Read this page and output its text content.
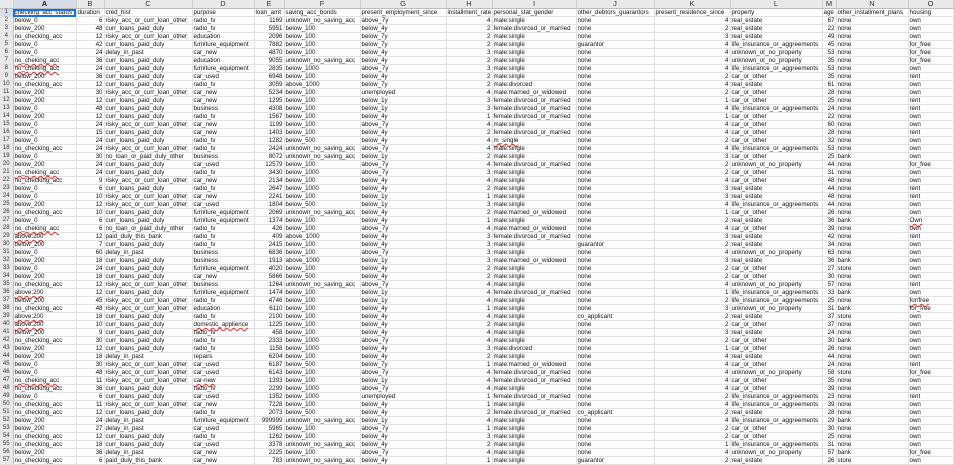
	A	B	C	D	E	F	G	H	I	J	K	L	M	N	O
1	checking_acc_status	duration	cred_hist	purpose	loan_amt	saving_acc_bonds	present_employment_since	installment_rate	personal_stat_gender	other_debtors_guarantors	present_residence_since	property	age	other_installment_plans	housing
2	below_0	6	risky_acc_or_curr_loan_other	radio_tv	1169	unknown_no_saving_acc	above_7y	4	male:single	none	4	real_estate	67	none	own
3	below_200	48	curr_loans_paid_duly	radio_tv	5951	below_100	below_4y	2	female:divorced_or_married	none	2	real_estate	22	none	own
4	no_checking_acc	12	risky_acc_or_curr_loan_other	education	2096	below_100	below_7y	2	male:single	none	3	real_estate	49	none	own
5	below_0	42	curr_loans_paid_duly	furniture_equipment	7882	below_100	below_7y	2	male:single	guarantor	4	life_insurance_or_aggreements	45	none	for_free
6	below_0	24	delay_in_past	car_new	4870	below_100	below_4y	3	male:single	none	4	unknown_or_no_property	53	none	for_free
7	no_cheking_acc	36	curr_loans_paid_duly	education	9055	unknown_no_saving_acc	below_4y	2	male:single	none	4	unknown_or_no_property	35	none	for_free
8	no_cheking_acc	24	curr_loans_paid_duly	furniture_equipment	2835	below_1000	above_7y	3	male:single	none	4	life_insurance_or_aggreements	53	none	own
9	below_200	36	curr_loans_paid_duly	car_used	6948	below_100	below_4y	2	male:single	none	2	car_or_other	35	none	rent
10	no_checking_acc	12	curr_loans_paid_duly	radio_tv	3059	above_1000	below_7y	2	male:divorced	none	4	real_estate	61	none	own
11	below_200	30	risky_acc_or_curr_loan_other	car_new	5234	below_100	unemployed	4	male:married_or_widowed	none	2	car_or_other	28	none	own
12	below_200	12	curr_loans_paid_duly	car_new	1295	below_100	below_1y	3	female:divorced_or_married	none	1	car_or_other	25	none	rent
13	below_0	48	curr_loans_paid_duly	business	4308	below_100	below_1y	3	female:divorced_or_married	none	4	life_insurance_or_aggreements	24	none	rent
14	below_200	12	curr_loans_paid_duly	radio_tv	1567	below_100	below_4y	1	female:divorced_or_married	none	1	car_or_other	22	none	own
15	below_0	24	risky_acc_or_curr_loan_other	car_new	1199	below_100	above_7y	4	male:single	none	4	car_or_other	60	none	own
16	below_0	15	curr_loans_paid_duly	car_new	1403	below_100	below_4y	2	female:divorced_or_married	none	4	car_or_other	28	none	rent
17	below_0	24	curr_loans_paid_duly	radio_tv	1282	below_500	below_4y	4	m_single	none	2	car_or_other	32	none	own
18	no_checking_acc	24	risky_acc_or_curr_loan_other	radio_tv	2424	unknown_no_saving_acc	above_7y	4	male:single	none	4	life_insurance_or_aggreements	53	none	own
19	below_0	30	no_loan_or_paid_duly_other	business	8072	unknown_no_saving_acc	below_1y	2	male:single	none	3	car_or_other	25	bank	own
20	below_200	24	curr_loans_paid_duly	car_used	12579	below_100	above_7y	4	female:divorced_or_married	none	2	unknown_or_no_property	44	none	for_free
21	no_cheking_acc	24	curr_loans_paid_duly	radio_tv	3430	below_1000	above_7y	3	male:single	none	2	car_or_other	31	none	own
22	no_checking_acc	9	risky_acc_or_curr_loan_other	car_new	2134	below_100	below_4y	4	male:single	none	4	car_or_other	48	none	own
23	below_0	6	curr_loans_paid_duly	radio_tv	2647	below_1000	below_4y	2	male:single	none	3	real_estate	44	none	rent
24	below_0	10	risky_acc_or_curr_loan_other	car_new	2241	below_100	below_1y	1	male:single	none	3	real_estate	48	none	rent
25	below_200	12	risky_acc_or_curr_loan_other	car_used	1804	below_500	below_1y	3	male:single	none	4	life_insurance_or_aggreements	44	none	own
26	no_checking_acc	10	curr_loans_paid_duly	furniture_equipment	2069	unknown_no_saving_acc	below_4y	2	male:married_or_widowed	none	1	car_or_other	26	none	own
27	below_0	6	curr_loans_paid_duly	furniture_equipment	1374	below_100	below_4y	1	male:single	none	2	real_estate	36	bank	Own
28	no_cheking_acc	6	no_loan_or_paid_duly_other	radio_tv	426	below_100	above_7y	4	male:married_or_widowed	none	4	car_or_other	39	none	own
29	above:200	12	paid_duly_this_bank	radio_tv	409	above_1000	below_4y	3	female:divorced_or_married	none	3	real_estate	42	none	rent
30	below_200	7	curr_loans_paid_duly	radio_tv	2415	below_100	below_4y	3	male:single	guarantor	2	real_estate	34	none	own
31	below_0	60	delay_in_past	business	6836	below_100	above_7y	3	male:single	none	4	unknown_or_no_property	63	none	own
32	below_200	18	curr_loans_paid_duly	business	1913	above_1000	below_1y	3	male:married_or_widowed	none	3	real_estate	36	bank	own
33	below_0	24	curr_loans_paid_duly	furniture_equipment	4020	below_100	below_4y	2	male:single	none	2	car_or_other	27	store	own
34	below_200	18	curr_loans_paid_duly	car_new	5866	below_500	below_4y	2	male:single	none	2	car_or_other	30	none	own
35	no_checking_acc	12	risky_acc_or_curr_loan_other	business	1264	unknown_no_saving_acc	above_7y	4	male:single	none	4	unknown_or_no_property	57	none	rent
36	above:200	12	curr_loans_paid_duly	furniture_equipment	1474	below_100	below_1y	4	female:divorced_or_married	none	1	life_insurance_or_aggreements	33	bank	own
37	below_200	45	risky_acc_or_curr_loan_other	radio_tv	4746	below_100	below_1y	4	male:single	none	2	life_insurance_or_aggreements	25	none	for/free
38	no_checking_acc	48	risky_acc_or_curr_loan_other	education	6110	below_100	below_4y	1	male:single	none	3	unknown_or_no_property	31	bank	for_free
39	above:200	18	curr_loans_paid_duly	radio_tv	2100	below_100	below_4y	4	male:single	co_applicant	2	real_estate	37	store	own
40	above:200	10	curr_loans_paid_duly	domestic_applience	1225	below_100	below_4y	2	male:single	none	2	car_or_other	37	none	own
41	below_200	9	curr_loans_paid_duly	radio_tv	458	below_100	below_4y	4	male:single	none	3	real_estate	24	none	own
42	no_checking_acc	30	curr_loans_paid_duly	radio_tv	2333	below_1000	above_7y	4	male:single	none	2	car_or_other	30	bank	own
43	below_200	12	curr_loans_paid_duly	radio_tv	1158	below_1000	below_4y	3	male:divorced	none	1	car_or_other	26	none	own
44	below_200	18	delay_in_past	repairs	6204	below_100	below_4y	2	male:single	none	4	real_estate	44	none	own
45	below_0	30	risky_acc_or_curr_loan_other	car_used	6187	below_500	below_7y	1	male:married_or_widowed	none	4	car_or_other	24	none	rent
46	below_0	48	risky_acc_or_curr_loan_other	car_used	6143	below_100	above_7y	4	female:divorced_or_married	none	4	unknown_or_no_property	58	store	for_free
47	no_cheking_acc	11	risky_acc_or_curr_loan_other	car-new	1393	below_100	below_1y	4	female:divorced_or_married	none	4	car_or_other	35	none	own
48	no_checking_acc	36	curr_loans_paid_duly	radio_tv	2299	below_1000	above_7y	4	male:single	none	4	car_or_other	39	none	own
49	below_0	6	curr_loans_paid_duly	car_used	1352	below_1000	unemployed	1	female:divorced_or_married	none	2	life_insurance_or_aggreements	23	none	rent
50	no_checking_acc	11	risky_acc_or_curr_loan_other	car_new	7228	below_100	below_4y	1	male:single	none	4	life_insurance_or_aggreements	39	none	own
51	no_checking_acc	12	curr_loans_paid_duly	radio_tv	2073	below_500	below_4y	2	female:divorced_or_married	co_applicant	2	real_estate	28	none	own
52	below_200	24	delay_in_past	furniture_equipment	999999	unknown_no_saving_acc	below_1y	4	male:single	none	4	life_insurance_or_aggreements	29	bank	own
53	below_200	27	delay_in_past	car_used	5965	below_100	above_7y	1	male:single	none	2	car_or_other	30	none	own
54	no_checking_acc	12	curr_loans_paid_duly	radio_tv	1262	below_100	below_4y	3	male:single	none	2	car_or_other	25	none	own
55	no_checking_acc	18	curr_loans_paid_duly	car_used	3378	unknown_no_saving_acc	below_4y	2	male:single	none	1	life_insurance_or_aggreements	31	none	own
56	below_200	36	delay_in_past	car_new	2225	below_100	above_7y	4	male:single	none	4	unknown_or_no_property	57	bank	for_free
57	no_checking_acc	6	paid_duly_this_bank	car_new	783	unknown_no_saving_acc	below_4y	1	male:single	guarantor	2	real_estate	26	store	own
